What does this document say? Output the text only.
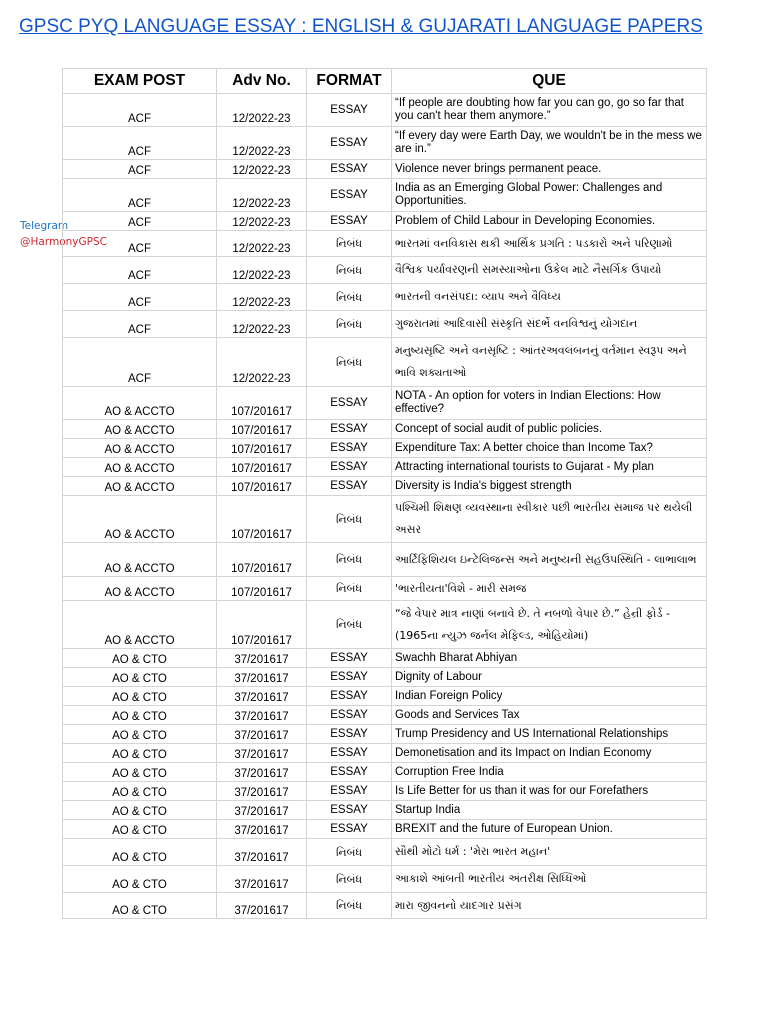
GPSC PYQ LANGUAGE ESSAY : ENGLISH & GUJARATI LANGUAGE PAPERS
Telegram
@HarmonyGPSC
EXAM POST	Adv No.	FORMAT	QUE
ACF	12/2022-23	ESSAY	“If people are doubting how far you can go, go so far that you can't hear them anymore.”
ACF	12/2022-23	ESSAY	“If every day were Earth Day, we wouldn't be in the mess we are in.”
ACF	12/2022-23	ESSAY	Violence never brings permanent peace.
ACF	12/2022-23	ESSAY	India as an Emerging Global Power: Challenges and Opportunities.
ACF	12/2022-23	ESSAY	Problem of Child Labour in Developing Economies.
ACF	12/2022-23	નિબંધ	ભારતમાં વનવિકાસ થકી આર્થિક પ્રગતિ : પડકારો અને પરિણામો
ACF	12/2022-23	નિબંધ	વૈશ્વિક પર્યાવરણની સમસ્યાઓના ઉકેલ માટે નૈસર્ગિક ઉપાયો
ACF	12/2022-23	નિબંધ	ભારતની વનસંપદા: વ્યાપ અને વૈવિધ્ય
ACF	12/2022-23	નિબંધ	ગુજરાતમાં આદિવાસી સંસ્કૃતિ સંદર્ભે વનવિશ્વનું યોગદાન
ACF	12/2022-23	નિબંધ	મનુષ્યસૃષ્ટિ અને વનસૃષ્ટિ : આંતરઅવલંબનનું વર્તમાન સ્વરૂપ અને ભાવિ શક્યતાઓ
AO & ACCTO	107/201617	ESSAY	NOTA - An option for voters in Indian Elections: How effective?
AO & ACCTO	107/201617	ESSAY	Concept of social audit of public policies.
AO & ACCTO	107/201617	ESSAY	Expenditure Tax: A better choice than Income Tax?
AO & ACCTO	107/201617	ESSAY	Attracting international tourists to Gujarat - My plan
AO & ACCTO	107/201617	ESSAY	Diversity is India's biggest strength
AO & ACCTO	107/201617	નિબંધ	પશ્ચિમી શિક્ષણ વ્યવસ્થાના સ્વીકાર પછી ભારતીય સમાજ પર થયેલી અસર
AO & ACCTO	107/201617	નિબંધ	આર્ટિફિશિયલ ઇન્ટેલિજન્સ અને મનુષ્યની સહઉપસ્થિતિ - લાભાલાભ
AO & ACCTO	107/201617	નિબંધ	'ભારતીયતા'વિશે - મારી સમજ
AO & ACCTO	107/201617	નિબંધ	“જે વેપાર માત્ર નાણાં બનાવે છે. તે નબળો વેપાર છે.” હેન્રી ફોર્ડ - (1965ના ન્યુઝ જર્નલ મેફિલ્ડ, ઓહિયોમાં)
AO & CTO	37/201617	ESSAY	Swachh Bharat Abhiyan
AO & CTO	37/201617	ESSAY	Dignity of Labour
AO & CTO	37/201617	ESSAY	Indian Foreign Policy
AO & CTO	37/201617	ESSAY	Goods and Services Tax
AO & CTO	37/201617	ESSAY	Trump Presidency and US International Relationships
AO & CTO	37/201617	ESSAY	Demonetisation and its Impact on Indian Economy
AO & CTO	37/201617	ESSAY	Corruption Free India
AO & CTO	37/201617	ESSAY	Is Life Better for us than it was for our Forefathers
AO & CTO	37/201617	ESSAY	Startup India
AO & CTO	37/201617	ESSAY	BREXIT and the future of European Union.
AO & CTO	37/201617	નિબંધ	સૌથી મોટો ધર્મ : 'મેરા ભારત મહાન'
AO & CTO	37/201617	નિબંધ	આકાશે આંબતી ભારતીય અંતરીક્ષ સિધ્ધિઓ
AO & CTO	37/201617	નિબંધ	મારા જીવનનો યાદગાર પ્રસંગ
